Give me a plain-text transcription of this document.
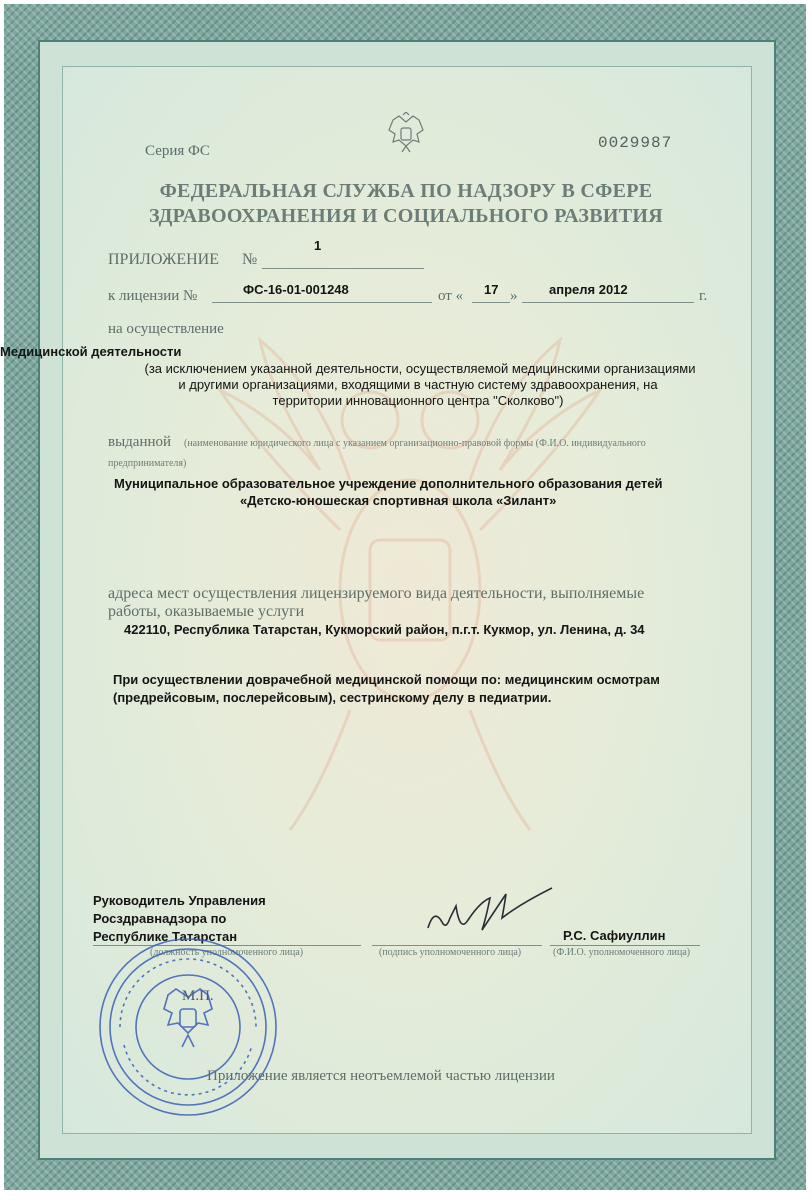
Серия ФС	0029987
ФЕДЕРАЛЬНАЯ СЛУЖБА ПО НАДЗОРУ В СФЕРЕ
ЗДРАВООХРАНЕНИЯ И СОЦИАЛЬНОГО РАЗВИТИЯ
ПРИЛОЖЕНИЕ №
1
к лицензии №	ФС-16-01-001248	от « 17 » апреля 2012	г.
на осуществление
Медицинской деятельности
(за исключением указанной деятельности, осуществляемой медицинскими организациями
и другими организациями, входящими в частную систему здравоохранения, на
территории инновационного центра "Сколково")
выданной (наименование юридического лица с указанием организационно-правовой формы (Ф.И.О. индивидуального
предпринимателя)
Муниципальное образовательное учреждение дополнительного образования детей
«Детско-юношеская спортивная школа «Зилант»
адреса мест осуществления лицензируемого вида деятельности, выполняемые
работы, оказываемые услуги
422110, Республика Татарстан, Кукморский район, п.г.т. Кукмор, ул. Ленина, д. 34
При осуществлении доврачебной медицинской помощи по: медицинским осмотрам
(предрейсовым, послерейсовым), сестринскому делу в педиатрии.
Руководитель Управления
Росздравнадзора по
Республике Татарстан
(должность уполномоченного лица)	(подпись уполномоченного лица)
Р.С. Сафиуллин
(Ф.И.О. уполномоченного лица)
М.П.
Приложение является неотъемлемой частью лицензии
